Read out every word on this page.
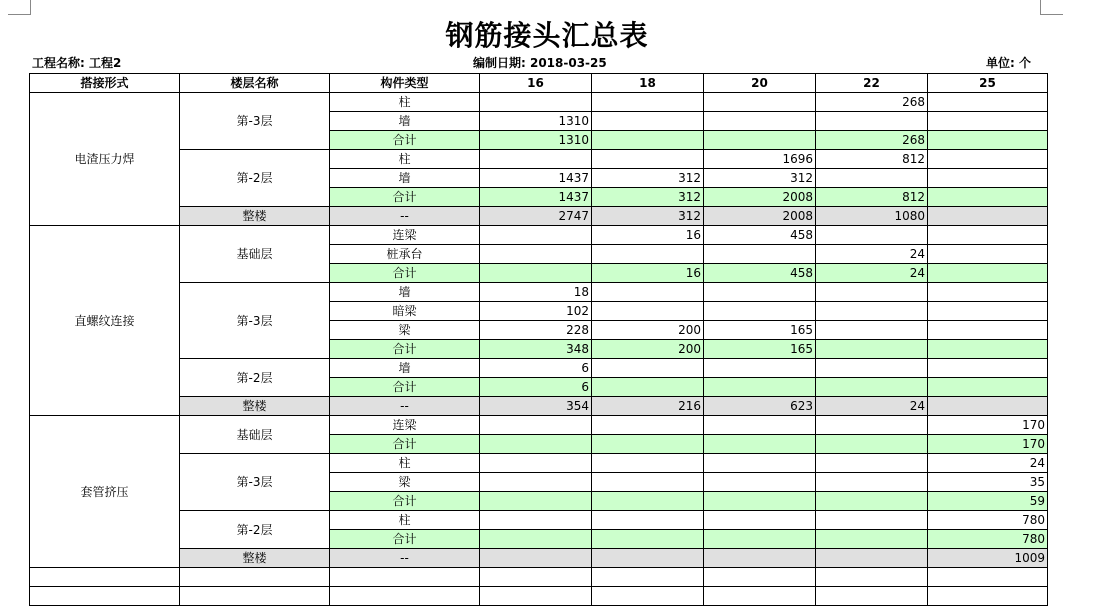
钢筋接头汇总表
工程名称: 工程2	编制日期: 2018-03-25	单位: 个
搭接形式	楼层名称	构件类型	16	18	20	22	25
电渣压力焊	第-3层	柱				268	
		墙	1310				
		合计	1310			268	
	第-2层	柱			1696	812	
		墙	1437	312	312		
		合计	1437	312	2008	812	
	整楼	--	2747	312	2008	1080	
直螺纹连接	基础层	连梁		16	458		
		桩承台				24	
		合计		16	458	24	
	第-3层	墙	18				
		暗梁	102				
		梁	228	200	165		
		合计	348	200	165		
	第-2层	墙	6				
		合计	6				
	整楼	--	354	216	623	24	
套管挤压	基础层	连梁					170
		合计					170
	第-3层	柱					24
		梁					35
		合计					59
	第-2层	柱					780
		合计					780
	整楼	--					1009
